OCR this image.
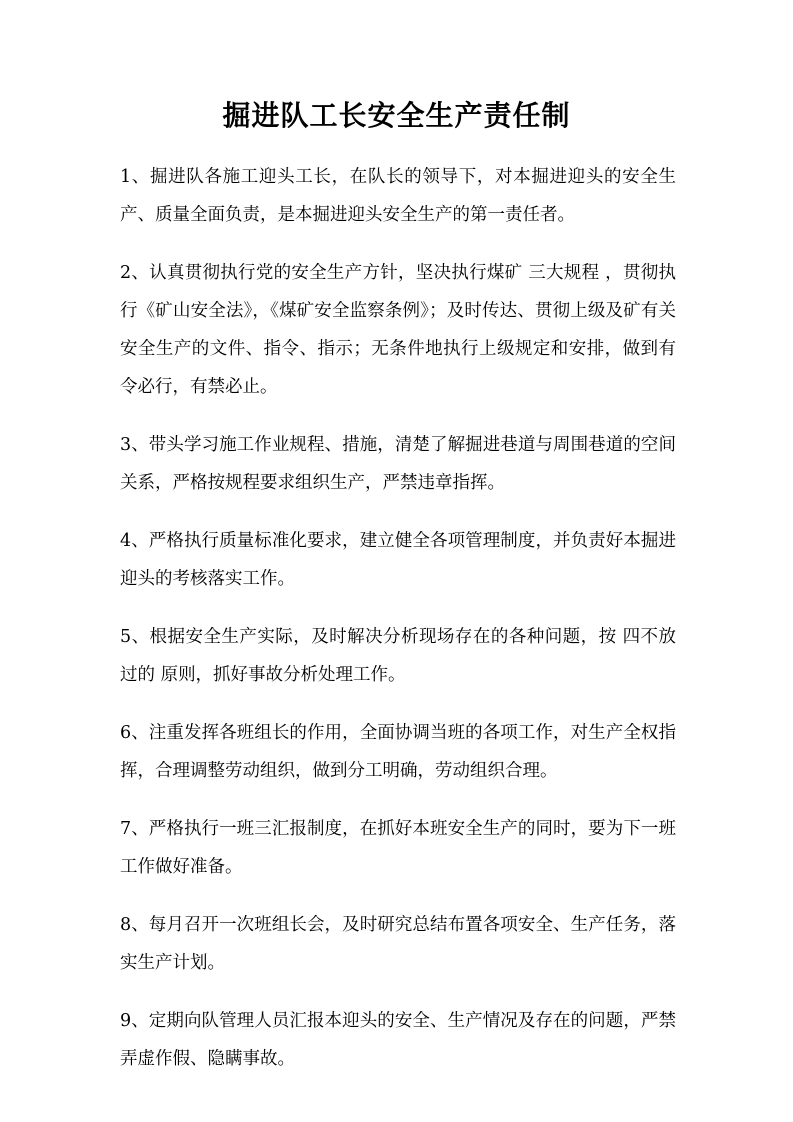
掘进队工长安全生产责任制

1、掘进队各施工迎头工长，在队长的领导下，对本掘进迎头的安全生产、质量全面负责，是本掘进迎头安全生产的第一责任者。

2、认真贯彻执行党的安全生产方针，坚决执行煤矿 三大规程 ，贯彻执行《矿山安全法》，《煤矿安全监察条例》；及时传达、贯彻上级及矿有关安全生产的文件、指令、指示；无条件地执行上级规定和安排，做到有令必行，有禁必止。

3、带头学习施工作业规程、措施，清楚了解掘进巷道与周围巷道的空间关系，严格按规程要求组织生产，严禁违章指挥。

4、严格执行质量标准化要求，建立健全各项管理制度，并负责好本掘进迎头的考核落实工作。

5、根据安全生产实际，及时解决分析现场存在的各种问题，按 四不放过的 原则，抓好事故分析处理工作。

6、注重发挥各班组长的作用，全面协调当班的各项工作，对生产全权指挥，合理调整劳动组织，做到分工明确，劳动组织合理。

7、严格执行一班三汇报制度，在抓好本班安全生产的同时，要为下一班工作做好准备。

8、每月召开一次班组长会，及时研究总结布置各项安全、生产任务，落实生产计划。

9、定期向队管理人员汇报本迎头的安全、生产情况及存在的问题，严禁弄虚作假、隐瞒事故。
